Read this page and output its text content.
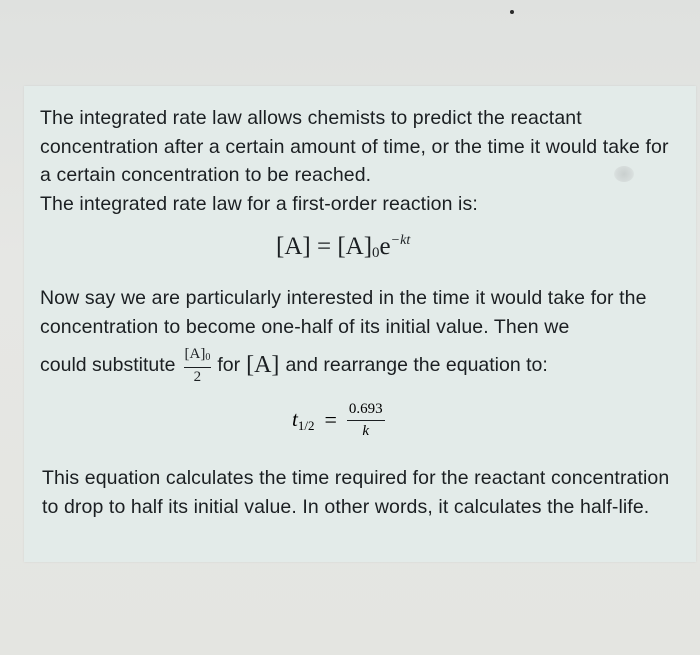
The integrated rate law allows chemists to predict the reactant concentration after a certain amount of time, or the time it would take for a certain concentration to be reached.
The integrated rate law for a first-order reaction is:

$[A] = [A]_0e^{-kt}$

Now say we are particularly interested in the time it would take for the concentration to become one-half of its initial value. Then we

could substitute $\frac{[A]_0}{2}$ for [A] and rearrange the equation to:
$t_{1/2} = \frac{0.693}{k}$

This equation calculates the time required for the reactant concentration to drop to half its initial value. In other words, it calculates the half-life.
